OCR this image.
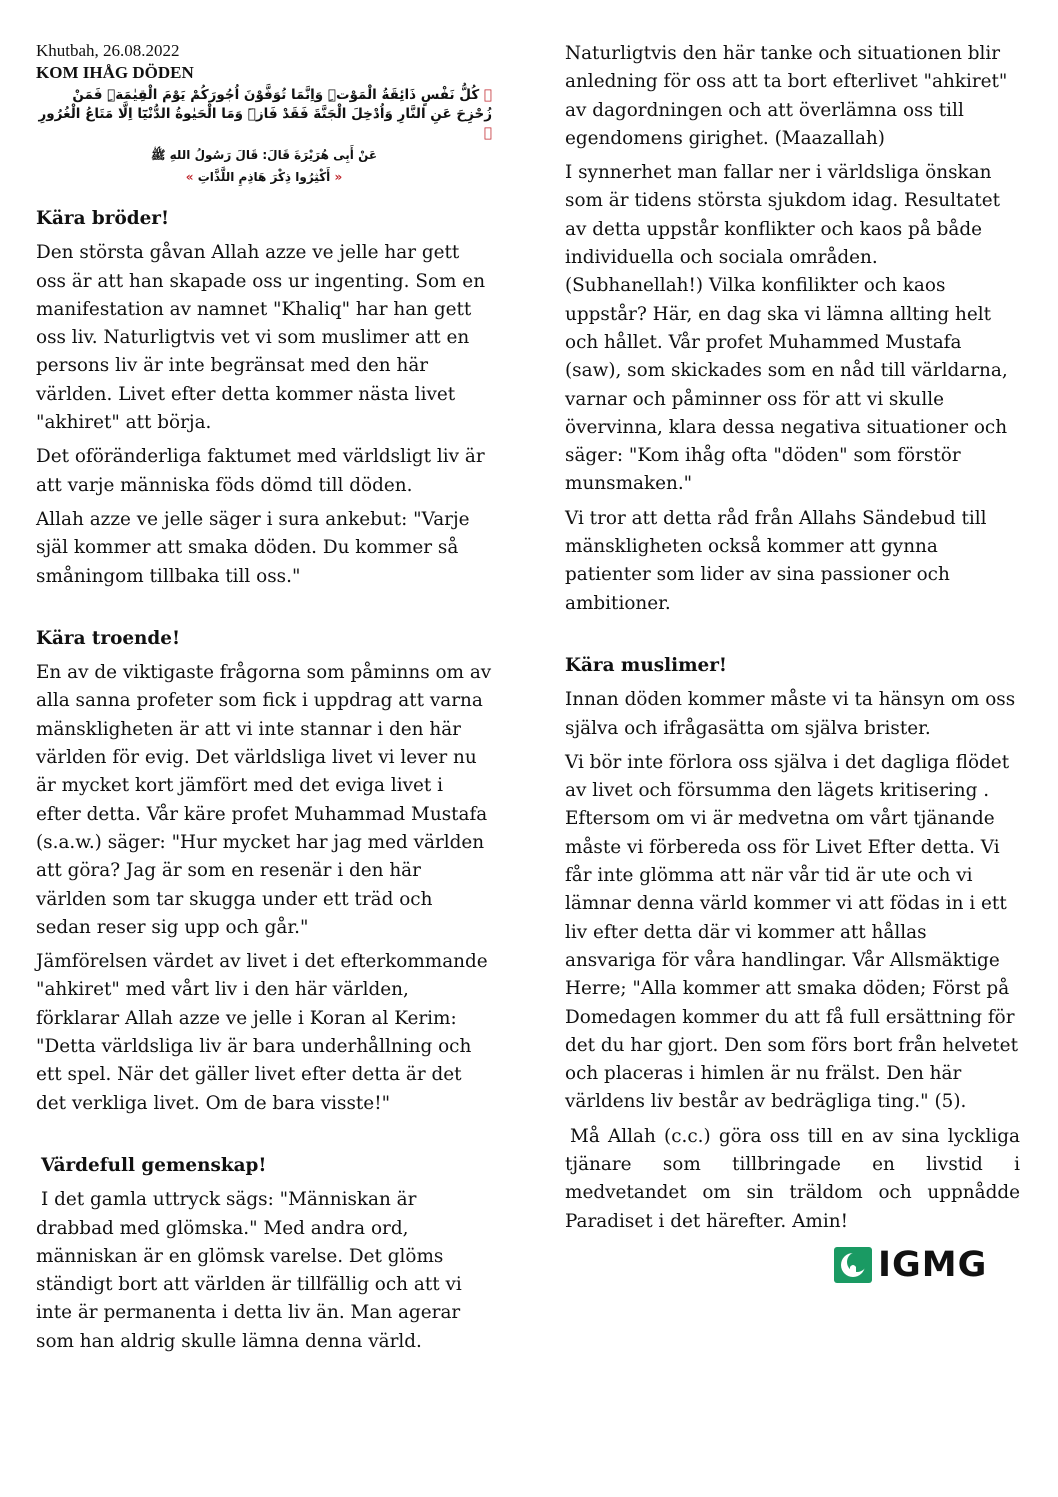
Khutbah, 26.08.2022
KOM IHÅG DÖDEN
﴿ كُلُّ نَفْسٍ ذَائِقَةُ الْمَوْتِۜ وَاِنَّمَا تُوَفَّوْنَ اُجُورَكُمْ يَوْمَ الْقِيٰمَةِۜ فَمَنْ زُحْزِحَ عَنِ النَّارِ وَاُدْخِلَ الْجَنَّةَ فَقَدْ فَازَۜ وَمَا الْحَيٰوةُ الدُّنْيَٓا اِلَّا مَتَاعُ الْغُرُورِ ﴾
عَنْ أَبِى هُرَيْرَةَ قَالَ: قَالَ رَسُولُ اللهِ ﷺ
« أَكْثِرُوا ذِكْرَ هَاذِمِ اللَّذَّاتِ »

Kära bröder!

Den största gåvan Allah azze ve jelle har gett oss är att han skapade oss ur ingenting. Som en manifestation av namnet "Khaliq" har han gett oss liv. Naturligtvis vet vi som muslimer att en persons liv är inte begränsat med den här världen. Livet efter detta kommer nästa livet "akhiret" att börja.

Det oföränderliga faktumet med världsligt liv är att varje människa föds dömd till döden.

Allah azze ve jelle säger i sura ankebut: "Varje själ kommer att smaka döden. Du kommer så småningom tillbaka till oss."

Kära troende!

En av de viktigaste frågorna som påminns om av alla sanna profeter som fick i uppdrag att varna mänskligheten är att vi inte stannar i den här världen för evig. Det världsliga livet vi lever nu är mycket kort jämfört med det eviga livet i efter detta. Vår käre profet Muhammad Mustafa (s.a.w.) säger: "Hur mycket har jag med världen att göra? Jag är som en resenär i den här världen som tar skugga under ett träd och sedan reser sig upp och går."

Jämförelsen värdet av livet i det efterkommande "ahkiret" med vårt liv i den här världen, förklarar Allah azze ve jelle i Koran al Kerim: "Detta världsliga liv är bara underhållning och ett spel. När det gäller livet efter detta är det det verkliga livet. Om de bara visste!"

Värdefull gemenskap!

I det gamla uttryck sägs: "Människan är drabbad med glömska." Med andra ord, människan är en glömsk varelse. Det glöms ständigt bort att världen är tillfällig och att vi inte är permanenta i detta liv än. Man agerar som han aldrig skulle lämna denna värld.

Naturligtvis den här tanke och situationen blir anledning för oss att ta bort efterlivet "ahkiret" av dagordningen och att överlämna oss till egendomens girighet. (Maazallah)

I synnerhet man fallar ner i världsliga önskan som är tidens största sjukdom idag. Resultatet av detta uppstår konflikter och kaos på både individuella och sociala områden. (Subhanellah!) Vilka konfilikter och kaos uppstår? Här, en dag ska vi lämna allting helt och hållet. Vår profet Muhammed Mustafa (saw), som skickades som en nåd till världarna, varnar och påminner oss för att vi skulle övervinna, klara dessa negativa situationer och säger: "Kom ihåg ofta "döden" som förstör munsmaken."

Vi tror att detta råd från Allahs Sändebud till mänskligheten också kommer att gynna patienter som lider av sina passioner och ambitioner.

Kära muslimer!

Innan döden kommer måste vi ta hänsyn om oss själva och ifrågasätta om själva brister.

Vi bör inte förlora oss själva i det dagliga flödet av livet och försumma den lägets kritisering . Eftersom om vi är medvetna om vårt tjänande måste vi förbereda oss för Livet Efter detta. Vi får inte glömma att när vår tid är ute och vi lämnar denna värld kommer vi att födas in i ett liv efter detta där vi kommer att hållas ansvariga för våra handlingar. Vår Allsmäktige Herre; "Alla kommer att smaka döden; Först på Domedagen kommer du att få full ersättning för det du har gjort. Den som förs bort från helvetet och placeras i himlen är nu frälst. Den här världens liv består av bedrägliga ting." (5).

Må Allah (c.c.) göra oss till en av sina lyckliga tjänare som tillbringade en livstid i medvetandet om sin träldom och uppnådde Paradiset i det härefter. Amin!

IGMG
